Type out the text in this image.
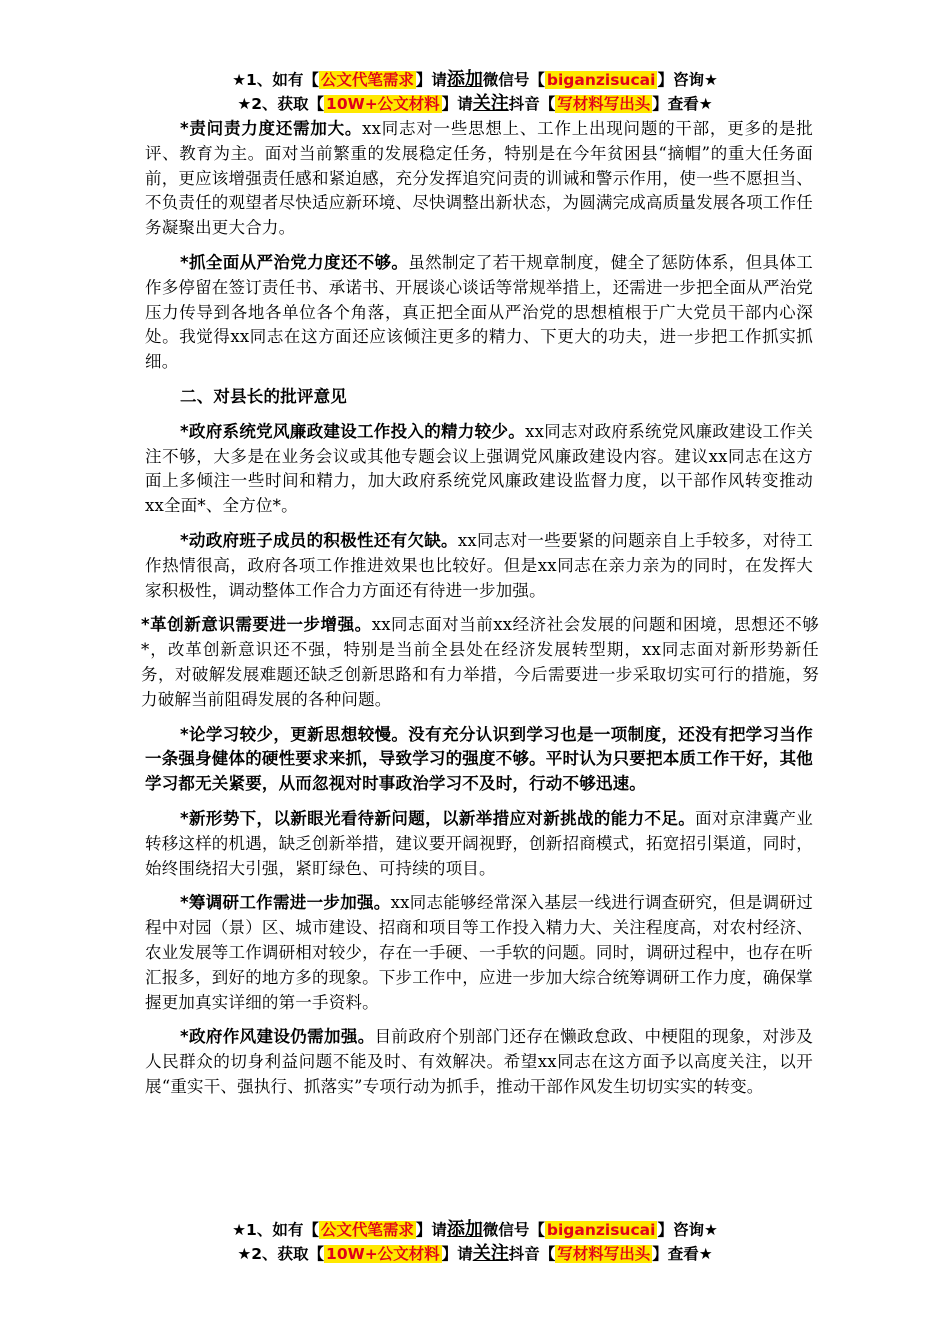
★1、如有【 公文代笔需求 】请添加微信号【 biganzisucai 】咨询★
★2、获取【 10W+公文材料 】请关注抖音【 写材料写出头 】查看★

*责问责力度还需加大。xx同志对一些思想上、工作上出现问题的干部，更多的是批评、教育为主。面对当前繁重的发展稳定任务，特别是在今年贫困县“摘帽”的重大任务面前，更应该增强责任感和紧迫感，充分发挥追究问责的训诫和警示作用，使一些不愿担当、不负责任的观望者尽快适应新环境、尽快调整出新状态，为圆满完成高质量发展各项工作任务凝聚出更大合力。

*抓全面从严治党力度还不够。虽然制定了若干规章制度，健全了惩防体系，但具体工作多停留在签订责任书、承诺书、开展谈心谈话等常规举措上，还需进一步把全面从严治党压力传导到各地各单位各个角落，真正把全面从严治党的思想植根于广大党员干部内心深处。我觉得xx同志在这方面还应该倾注更多的精力、下更大的功夫，进一步把工作抓实抓细。

二、对县长的批评意见

*政府系统党风廉政建设工作投入的精力较少。xx同志对政府系统党风廉政建设工作关注不够，大多是在业务会议或其他专题会议上强调党风廉政建设内容。建议xx同志在这方面上多倾注一些时间和精力，加大政府系统党风廉政建设监督力度，以干部作风转变推动xx全面*、全方位*。

*动政府班子成员的积极性还有欠缺。xx同志对一些要紧的问题亲自上手较多，对待工作热情很高，政府各项工作推进效果也比较好。但是xx同志在亲力亲为的同时，在发挥大家积极性，调动整体工作合力方面还有待进一步加强。

*革创新意识需要进一步增强。xx同志面对当前xx经济社会发展的问题和困境，思想还不够*，改革创新意识还不强，特别是当前全县处在经济发展转型期，xx同志面对新形势新任务，对破解发展难题还缺乏创新思路和有力举措，今后需要进一步采取切实可行的措施，努力破解当前阻碍发展的各种问题。

*论学习较少，更新思想较慢。没有充分认识到学习也是一项制度，还没有把学习当作一条强身健体的硬性要求来抓，导致学习的强度不够。平时认为只要把本质工作干好，其他学习都无关紧要，从而忽视对时事政治学习不及时，行动不够迅速。

*新形势下，以新眼光看待新问题，以新举措应对新挑战的能力不足。面对京津冀产业转移这样的机遇，缺乏创新举措，建议要开阔视野，创新招商模式，拓宽招引渠道，同时，始终围绕招大引强，紧盯绿色、可持续的项目。

*筹调研工作需进一步加强。xx同志能够经常深入基层一线进行调查研究，但是调研过程中对园（景）区、城市建设、招商和项目等工作投入精力大、关注程度高，对农村经济、农业发展等工作调研相对较少，存在一手硬、一手软的问题。同时，调研过程中，也存在听汇报多，到好的地方多的现象。下步工作中，应进一步加大综合统筹调研工作力度，确保掌握更加真实详细的第一手资料。

*政府作风建设仍需加强。目前政府个别部门还存在懒政怠政、中梗阻的现象，对涉及人民群众的切身利益问题不能及时、有效解决。希望xx同志在这方面予以高度关注，以开展“重实干、强执行、抓落实”专项行动为抓手，推动干部作风发生切切实实的转变。

★1、如有【 公文代笔需求 】请添加微信号【 biganzisucai 】咨询★
★2、获取【 10W+公文材料 】请关注抖音【 写材料写出头 】查看★
